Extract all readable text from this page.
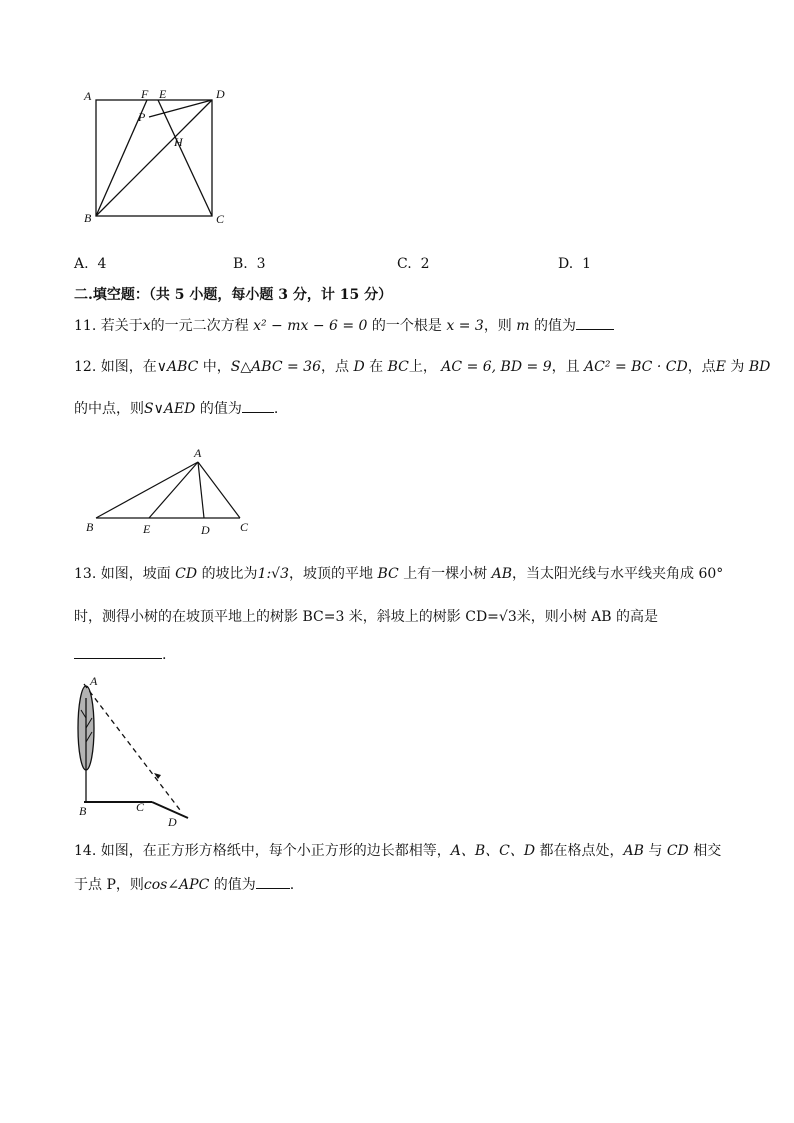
A	F E	D
P
H
B	C
A. 4	B. 3	C. 2	D. 1
二.填空题：（共 5 小题，每小题 3 分，计 15 分）
11. 若关于x的一元二次方程 x² − mx − 6 = 0 的一个根是 x = 3，则 m 的值为
12. 如图，在∨ABC 中，S△ABC = 36，点 D 在 BC上， AC = 6, BD = 9，且 AC² = BC · CD，点E 为 BD
的中点，则S∨AED 的值为 .
A
B	E	D	C
13. 如图，坡面 CD 的坡比为1:√3，坡顶的平地 BC 上有一棵小树 AB，当太阳光线与水平线夹角成 60°
时，测得小树的在坡顶平地上的树影 BC=3 米，斜坡上的树影 CD=√3米，则小树 AB 的高是
.
A
B	C
D
14. 如图，在正方形方格纸中，每个小正方形的边长都相等，A、B、C、D 都在格点处，AB 与 CD 相交
于点 P，则cos∠APC 的值为 .
